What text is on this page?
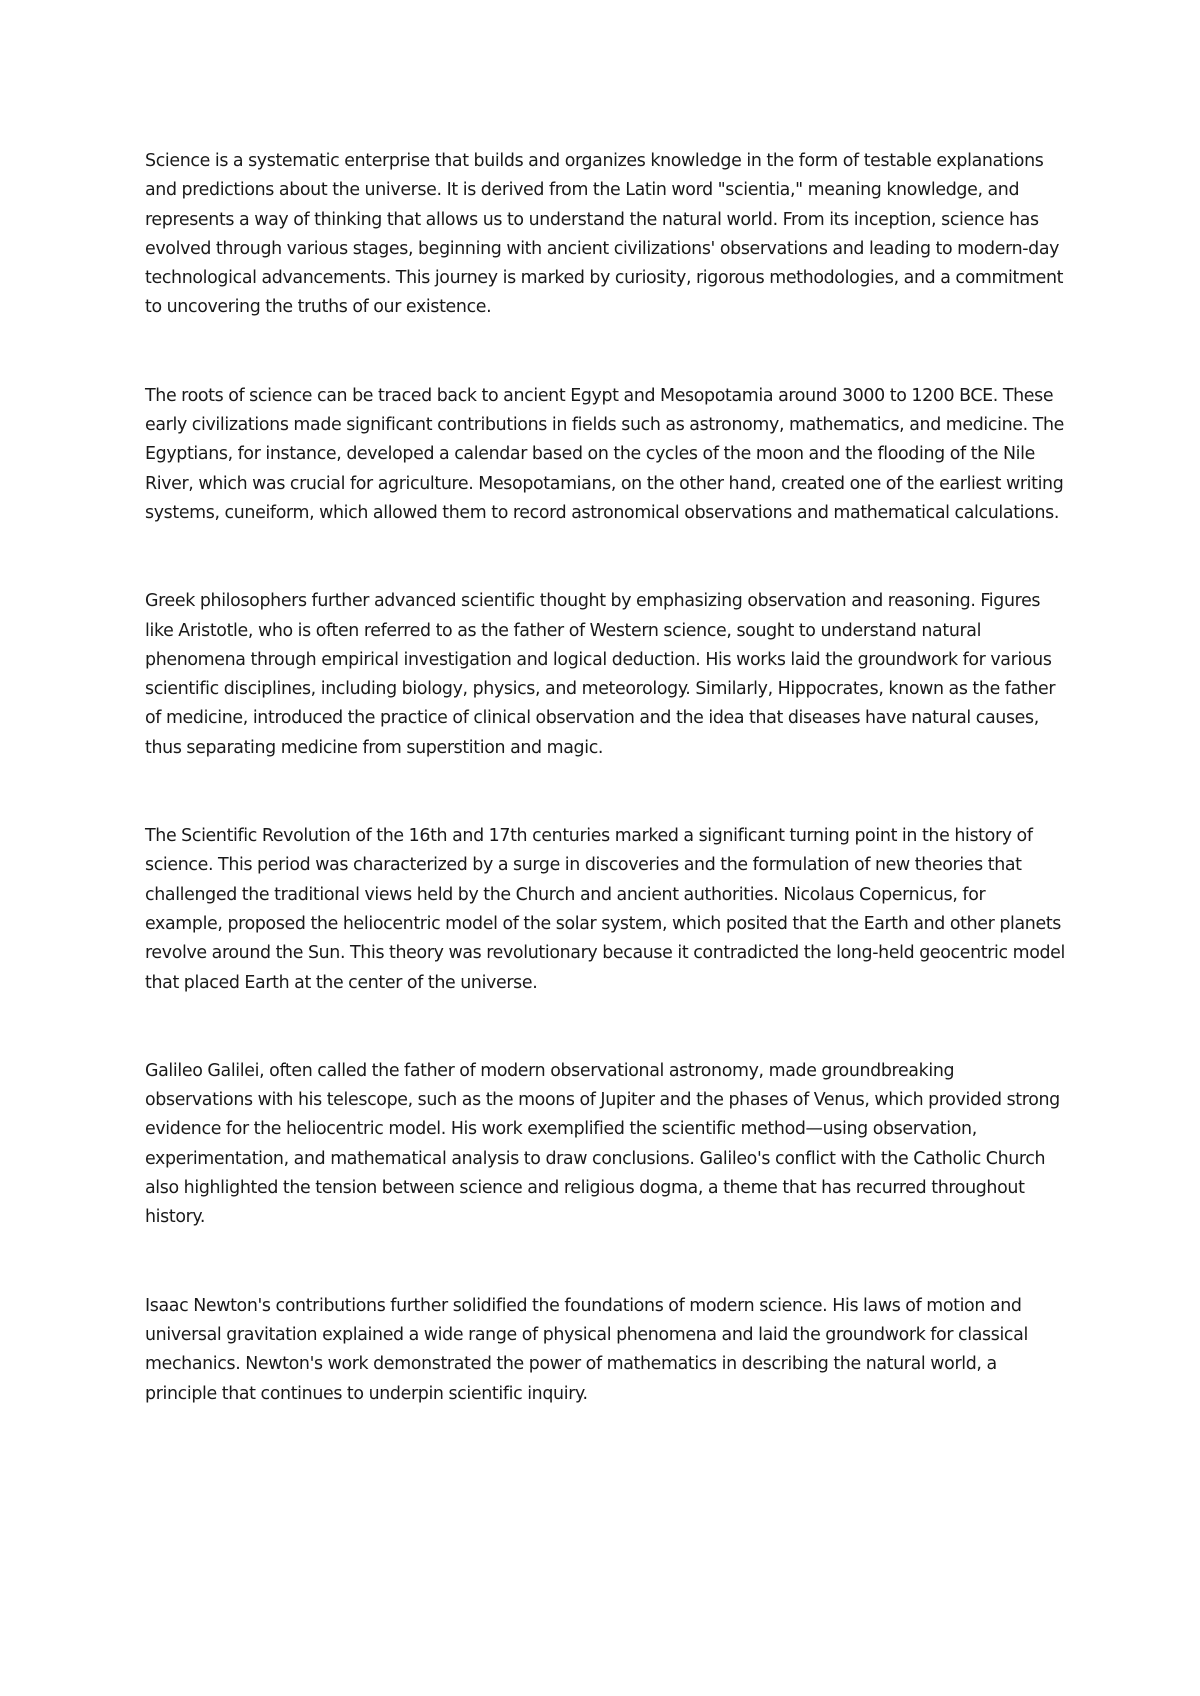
Science is a systematic enterprise that builds and organizes knowledge in the form of testable explanations and predictions about the universe. It is derived from the Latin word "scientia," meaning knowledge, and represents a way of thinking that allows us to understand the natural world. From its inception, science has evolved through various stages, beginning with ancient civilizations' observations and leading to modern-day technological advancements. This journey is marked by curiosity, rigorous methodologies, and a commitment to uncovering the truths of our existence.

The roots of science can be traced back to ancient Egypt and Mesopotamia around 3000 to 1200 BCE. These early civilizations made significant contributions in fields such as astronomy, mathematics, and medicine. The Egyptians, for instance, developed a calendar based on the cycles of the moon and the flooding of the Nile River, which was crucial for agriculture. Mesopotamians, on the other hand, created one of the earliest writing systems, cuneiform, which allowed them to record astronomical observations and mathematical calculations.

Greek philosophers further advanced scientific thought by emphasizing observation and reasoning. Figures like Aristotle, who is often referred to as the father of Western science, sought to understand natural phenomena through empirical investigation and logical deduction. His works laid the groundwork for various scientific disciplines, including biology, physics, and meteorology. Similarly, Hippocrates, known as the father of medicine, introduced the practice of clinical observation and the idea that diseases have natural causes, thus separating medicine from superstition and magic.

The Scientific Revolution of the 16th and 17th centuries marked a significant turning point in the history of science. This period was characterized by a surge in discoveries and the formulation of new theories that challenged the traditional views held by the Church and ancient authorities. Nicolaus Copernicus, for example, proposed the heliocentric model of the solar system, which posited that the Earth and other planets revolve around the Sun. This theory was revolutionary because it contradicted the long-held geocentric model that placed Earth at the center of the universe.

Galileo Galilei, often called the father of modern observational astronomy, made groundbreaking observations with his telescope, such as the moons of Jupiter and the phases of Venus, which provided strong evidence for the heliocentric model. His work exemplified the scientific method—using observation, experimentation, and mathematical analysis to draw conclusions. Galileo's conflict with the Catholic Church also highlighted the tension between science and religious dogma, a theme that has recurred throughout history.

Isaac Newton's contributions further solidified the foundations of modern science. His laws of motion and universal gravitation explained a wide range of physical phenomena and laid the groundwork for classical mechanics. Newton's work demonstrated the power of mathematics in describing the natural world, a principle that continues to underpin scientific inquiry.
